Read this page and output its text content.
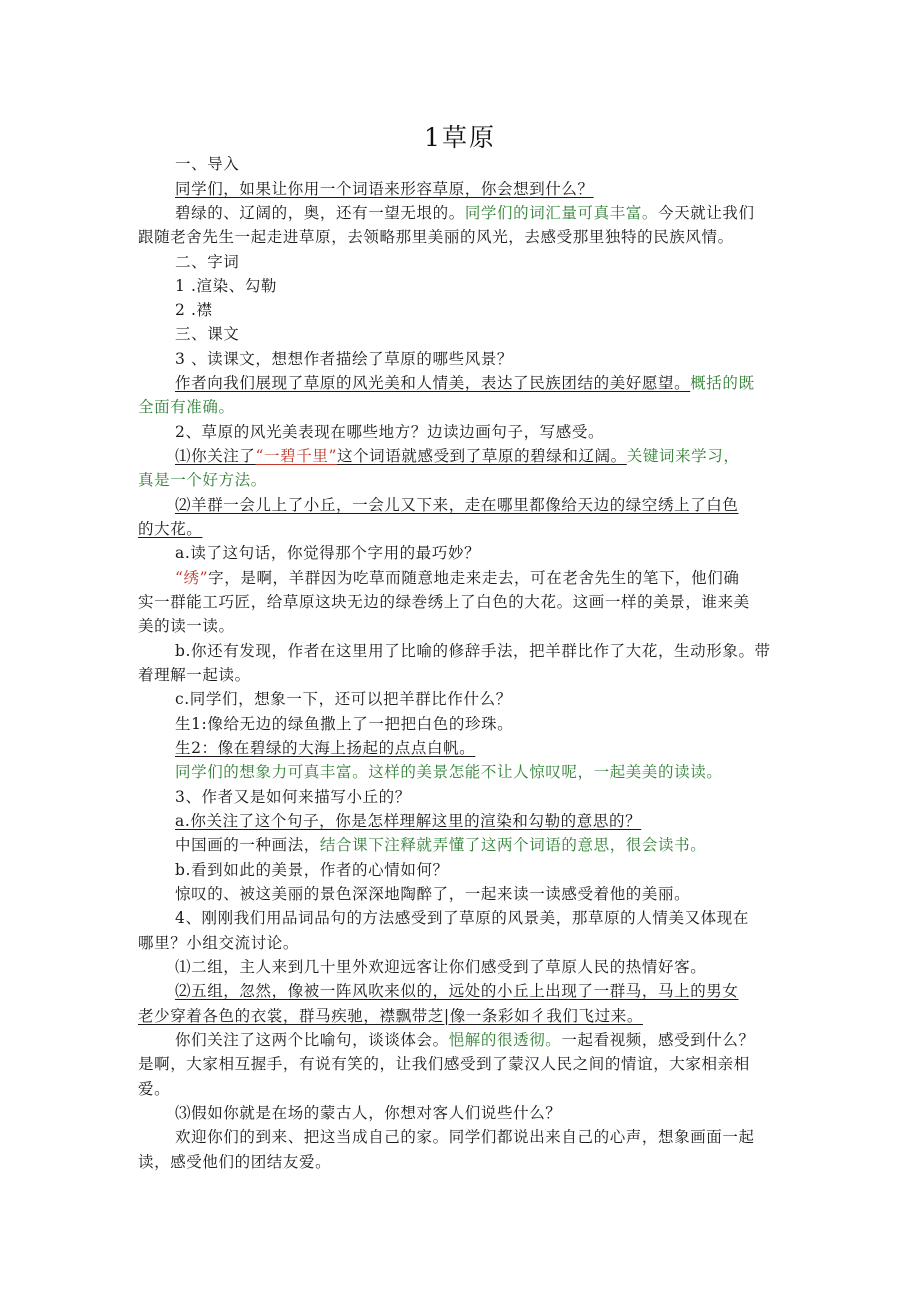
1草原
一、导入
同学们，如果让你用一个词语来形容草原，你会想到什么？
碧绿的、辽阔的，奥，还有一望无垠的。同学们的词汇量可真丰富。今天就让我们
跟随老舍先生一起走进草原，去领略那里美丽的风光，去感受那里独特的民族风情。
二、字词
1 .渲染、勾勒
2 .襟
三、课文
3 、读课文，想想作者描绘了草原的哪些风景？
作者向我们展现了草原的风光美和人情美，表达了民族团结的美好愿望。概括的既
全面有准确。
2、草原的风光美表现在哪些地方？边读边画句子，写感受。
⑴你关注了“一碧千里”这个词语就感受到了草原的碧绿和辽阔。关键词来学习，
真是一个好方法。
⑵羊群一会儿上了小丘，一会儿又下来，走在哪里都像给天边的绿空绣上了白色
的大花。
a.读了这句话，你觉得那个字用的最巧妙？
“绣”字，是啊，羊群因为吃草而随意地走来走去，可在老舍先生的笔下，他们确
实一群能工巧匠，给草原这块无边的绿巻绣上了白色的大花。这画一样的美景，谁来美
美的读一读。
b.你还有发现，作者在这里用了比喻的修辞手法，把羊群比作了大花，生动形象。带
着理解一起读。
c.同学们，想象一下，还可以把羊群比作什么？
生1:像给无边的绿鱼撒上了一把把白色的珍珠。
生2：像在碧绿的大海上扬起的点点白帆。
同学们的想象力可真丰富。这样的美景怎能不让人惊叹呢，一起美美的读读。
3、作者又是如何来描写小丘的？
a.你关注了这个句子，你是怎样理解这里的渲染和勾勒的意思的？
中国画的一种画法，结合课下注释就弄懂了这两个词语的意思，很会读书。
b.看到如此的美景，作者的心情如何？
惊叹的、被这美丽的景色深深地陶醉了，一起来读一读感受着他的美丽。
4、刚刚我们用品词品句的方法感受到了草原的风景美，那草原的人情美又体现在
哪里？小组交流讨论。
⑴二组，主人来到几十里外欢迎远客让你们感受到了草原人民的热情好客。
⑵五组，忽然，像被一阵风吹来似的，远处的小丘上出现了一群马，马上的男女
老少穿着各色的衣裳，群马疾驰，襟飘带芝|像一条彩如彳我们飞过来。
你们关注了这两个比喻句，谈谈体会。悒解的很透彻。一起看视频，感受到什么？
是啊，大家相互握手，有说有笑的，让我们感受到了蒙汉人民之间的情谊，大家相亲相
爱。
⑶假如你就是在场的蒙古人，你想对客人们说些什么？
欢迎你们的到来、把这当成自己的家。同学们都说出来自己的心声，想象画面一起
读，感受他们的团结友爱。
